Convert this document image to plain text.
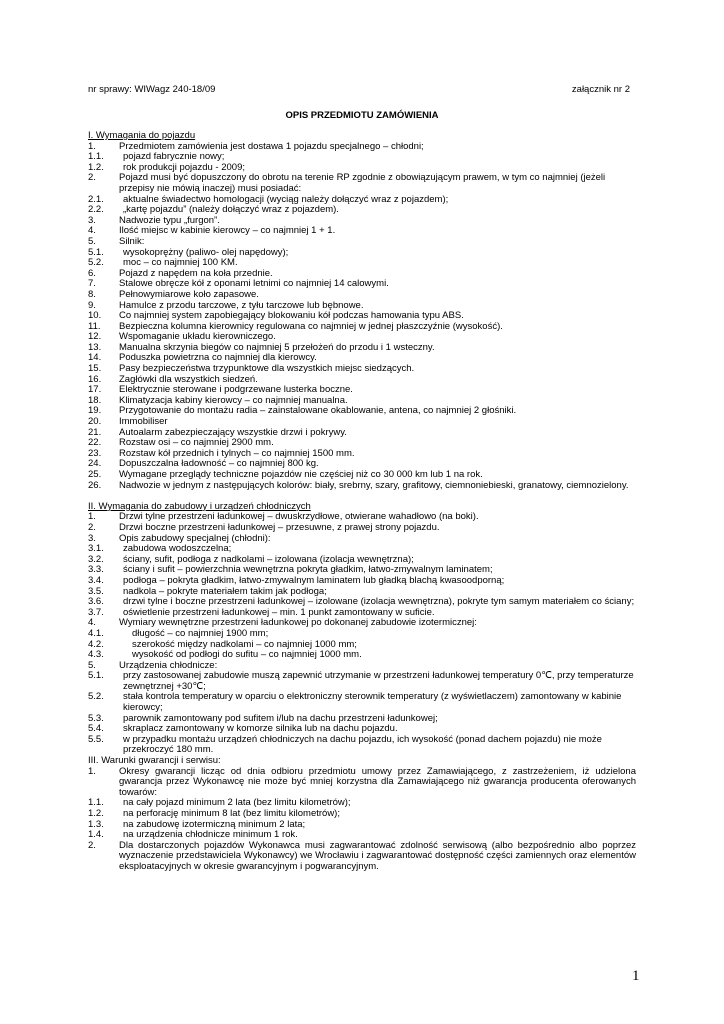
nr sprawy: WIWagz 240-18/09	załącznik nr 2
OPIS PRZEDMIOTU ZAMÓWIENIA
I. Wymagania do pojazdu
1.	Przedmiotem zamówienia jest dostawa 1 pojazdu specjalnego – chłodni;
1.1.	pojazd fabrycznie nowy;
1.2.	rok produkcji pojazdu - 2009;
2.	Pojazd musi być dopuszczony do obrotu na terenie RP zgodnie z obowiązującym prawem, w tym co najmniej (jeżeli przepisy nie mówią inaczej) musi posiadać:
2.1.	aktualne świadectwo homologacji (wyciąg należy dołączyć wraz z pojazdem);
2.2.	„kartę pojazdu” (należy dołączyć wraz z pojazdem).
3.	Nadwozie typu „furgon”.
4.	Ilość miejsc w kabinie kierowcy – co najmniej 1 + 1.
5.	Silnik:
5.1.	wysokoprężny (paliwo- olej napędowy);
5.2.	moc – co najmniej 100 KM.
6.	Pojazd z napędem na koła przednie.
7.	Stalowe obręcze kół z oponami letnimi co najmniej 14 calowymi.
8.	Pełnowymiarowe koło zapasowe.
9.	Hamulce z przodu tarczowe, z tyłu tarczowe lub bębnowe.
10.	Co najmniej system zapobiegający blokowaniu kół podczas hamowania typu ABS.
11.	Bezpieczna kolumna kierownicy regulowana co najmniej w jednej płaszczyźnie (wysokość).
12.	Wspomaganie układu kierowniczego.
13.	Manualna skrzynia biegów co najmniej 5 przełożeń do przodu i 1 wsteczny.
14.	Poduszka powietrzna co najmniej dla kierowcy.
15.	Pasy bezpieczeństwa trzypunktowe dla wszystkich miejsc siedzących.
16.	Zagłówki dla wszystkich siedzeń.
17.	Elektrycznie sterowane i podgrzewane lusterka boczne.
18.	Klimatyzacja kabiny kierowcy – co najmniej manualna.
19.	Przygotowanie do montażu radia – zainstalowane okablowanie, antena, co najmniej 2 głośniki.
20.	Immobiliser
21.	Autoalarm zabezpieczający wszystkie drzwi i pokrywy.
22.	Rozstaw osi – co najmniej 2900 mm.
23.	Rozstaw kół przednich i tylnych – co najmniej 1500 mm.
24.	Dopuszczalna ładowność – co najmniej 800 kg.
25.	Wymagane przeglądy techniczne pojazdów nie częściej niż co 30 000 km lub 1 na rok.
26.	Nadwozie w jednym z następujących kolorów: biały, srebrny, szary, grafitowy, ciemnoniebieski, granatowy, ciemnozielony.
II. Wymagania do zabudowy i urządzeń chłodniczych
1.	Drzwi tylne przestrzeni ładunkowej – dwuskrzydłowe, otwierane wahadłowo (na boki).
2.	Drzwi boczne przestrzeni ładunkowej – przesuwne, z prawej strony pojazdu.
3.	Opis zabudowy specjalnej (chłodni):
3.1.	zabudowa wodoszczelna;
3.2.	ściany, sufit, podłoga z nadkolami – izolowana (izolacja wewnętrzna);
3.3.	ściany i sufit – powierzchnia wewnętrzna pokryta gładkim, łatwo-zmywalnym laminatem;
3.4.	podłoga – pokryta gładkim, łatwo-zmywalnym laminatem lub gładką blachą kwasoodporną;
3.5.	nadkola – pokryte materiałem takim jak podłoga;
3.6.	drzwi tylne i boczne przestrzeni ładunkowej – izolowane (izolacja wewnętrzna), pokryte tym samym materiałem co ściany;
3.7.	oświetlenie przestrzeni ładunkowej – min. 1 punkt zamontowany w suficie.
4.	Wymiary wewnętrzne przestrzeni ładunkowej po dokonanej zabudowie izotermicznej:
4.1.	długość – co najmniej 1900 mm;
4.2.	szerokość między nadkolami – co najmniej 1000 mm;
4.3.	wysokość od podłogi do sufitu – co najmniej 1000 mm.
5.	Urządzenia chłodnicze:
5.1.	przy zastosowanej zabudowie muszą zapewnić utrzymanie w przestrzeni ładunkowej temperatury 0℃, przy temperaturze zewnętrznej +30℃;
5.2.	stała kontrola temperatury w oparciu o elektroniczny sterownik temperatury (z wyświetlaczem) zamontowany w kabinie kierowcy;
5.3.	parownik zamontowany pod sufitem i/lub na dachu przestrzeni ładunkowej;
5.4.	skraplacz zamontowany w komorze silnika lub na dachu pojazdu.
5.5.	w przypadku montażu urządzeń chłodniczych na dachu pojazdu, ich wysokość (ponad dachem pojazdu) nie może przekroczyć 180 mm.
III. Warunki gwarancji i serwisu:
1.	Okresy gwarancji licząc od dnia odbioru przedmiotu umowy przez Zamawiającego, z zastrzeżeniem, iż udzielona gwarancja przez Wykonawcę nie może być mniej korzystna dla Zamawiającego niż gwarancja producenta oferowanych towarów:
1.1.	na cały pojazd minimum 2 lata (bez limitu kilometrów);
1.2.	na perforację minimum 8 lat (bez limitu kilometrów);
1.3.	na zabudowę izotermiczną minimum 2 lata;
1.4.	na urządzenia chłodnicze minimum 1 rok.
2.	Dla dostarczonych pojazdów Wykonawca musi zagwarantować zdolność serwisową (albo bezpośrednio albo poprzez wyznaczenie przedstawiciela Wykonawcy) we Wrocławiu i zagwarantować dostępność części zamiennych oraz elementów eksploatacyjnych w okresie gwarancyjnym i pogwarancyjnym.
1
